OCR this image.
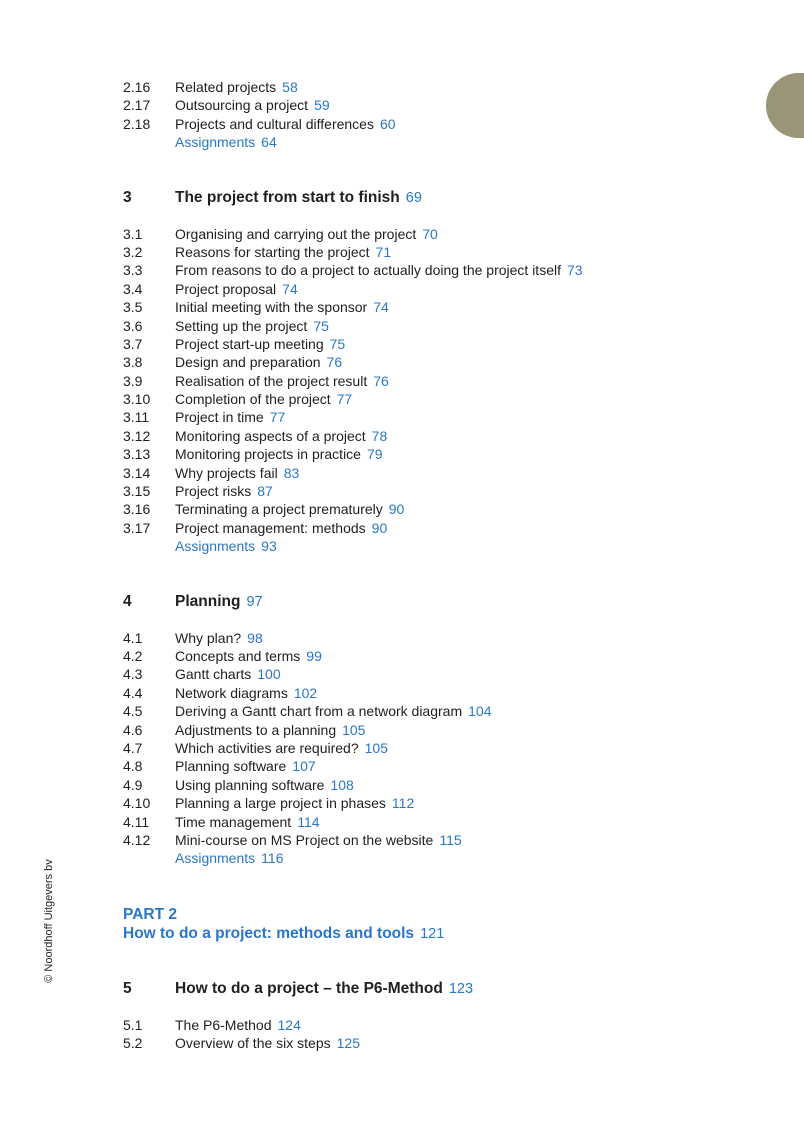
© Noordhoff Uitgevers bv
2.16	Related projects 58
2.17	Outsourcing a project 59
2.18	Projects and cultural differences 60
Assignments 64
3	The project from start to finish 69
3.1	Organising and carrying out the project 70
3.2	Reasons for starting the project 71
3.3	From reasons to do a project to actually doing the project itself 73
3.4	Project proposal 74
3.5	Initial meeting with the sponsor 74
3.6	Setting up the project 75
3.7	Project start-up meeting 75
3.8	Design and preparation 76
3.9	Realisation of the project result 76
3.10	Completion of the project 77
3.11	Project in time 77
3.12	Monitoring aspects of a project 78
3.13	Monitoring projects in practice 79
3.14	Why projects fail 83
3.15	Project risks 87
3.16	Terminating a project prematurely 90
3.17	Project management: methods 90
Assignments 93
4	Planning 97
4.1	Why plan? 98
4.2	Concepts and terms 99
4.3	Gantt charts 100
4.4	Network diagrams 102
4.5	Deriving a Gantt chart from a network diagram 104
4.6	Adjustments to a planning 105
4.7	Which activities are required? 105
4.8	Planning software 107
4.9	Using planning software 108
4.10	Planning a large project in phases 112
4.11	Time management 114
4.12	Mini-course on MS Project on the website 115
Assignments 116
PART 2
How to do a project: methods and tools 121
5	How to do a project – the P6-Method 123
5.1	The P6-Method 124
5.2	Overview of the six steps 125
